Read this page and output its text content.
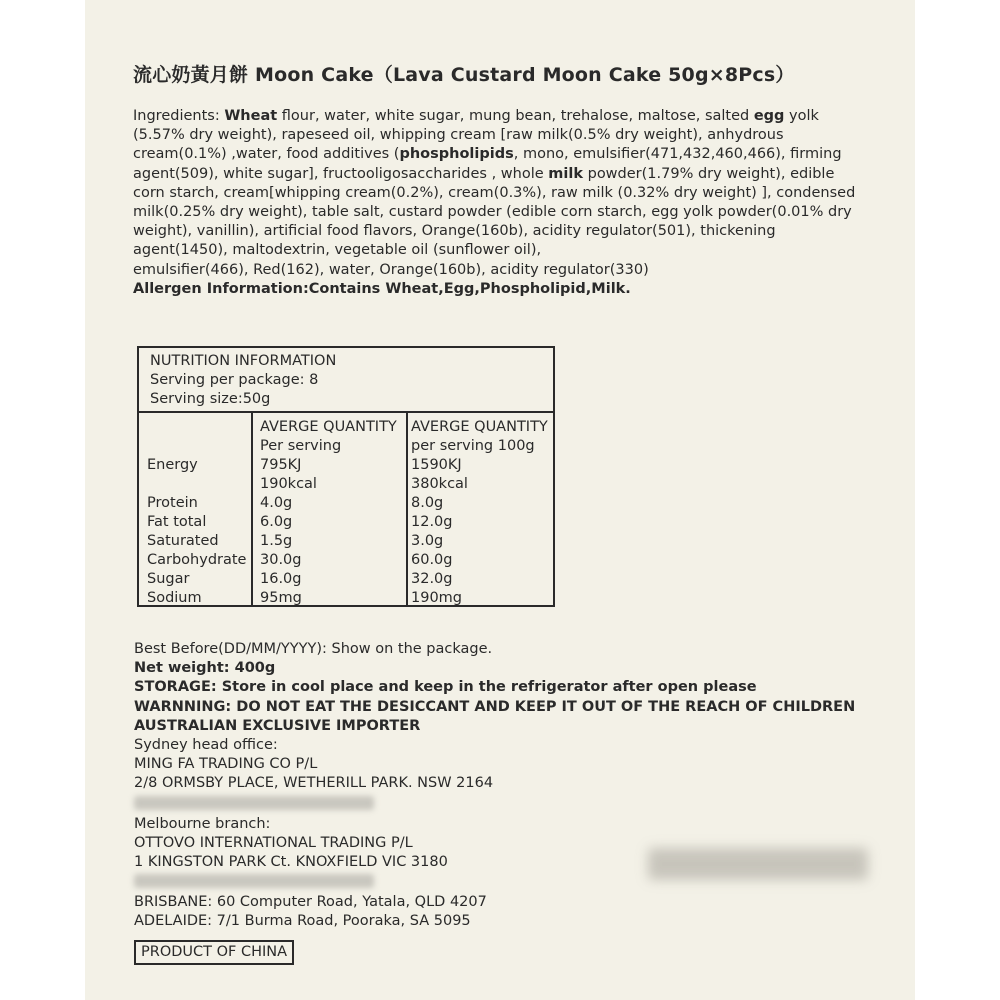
流心奶黃月餅 Moon Cake（Lava Custard Moon Cake 50g×8Pcs）
Ingredients: Wheat flour, water, white sugar, mung bean, trehalose, maltose, salted egg yolk
(5.57% dry weight), rapeseed oil, whipping cream [raw milk(0.5% dry weight), anhydrous
cream(0.1%) ,water, food additives (phospholipids, mono, emulsifier(471,432,460,466), firming
agent(509), white sugar], fructooligosaccharides , whole milk powder(1.79% dry weight), edible
corn starch, cream[whipping cream(0.2%), cream(0.3%), raw milk (0.32% dry weight) ], condensed
milk(0.25% dry weight), table salt, custard powder (edible corn starch, egg yolk powder(0.01% dry
weight), vanillin), artificial food flavors, Orange(160b), acidity regulator(501), thickening
agent(1450), maltodextrin, vegetable oil (sunflower oil),
emulsifier(466), Red(162), water, Orange(160b), acidity regulator(330)
Allergen Information:Contains Wheat,Egg,Phospholipid,Milk.
NUTRITION INFORMATION
Serving per package: 8
Serving size:50g
Energy
Protein
Fat total
Saturated
Carbohydrate
Sugar
Sodium
AVERGE QUANTITY
Per serving
795KJ
190kcal
4.0g
6.0g
1.5g
30.0g
16.0g
95mg
AVERGE QUANTITY
per serving 100g
1590KJ
380kcal
8.0g
12.0g
3.0g
60.0g
32.0g
190mg
Best Before(DD/MM/YYYY): Show on the package.
Net weight: 400g
STORAGE: Store in cool place and keep in the refrigerator after open please
WARNNING: DO NOT EAT THE DESICCANT AND KEEP IT OUT OF THE REACH OF CHILDREN
AUSTRALIAN EXCLUSIVE IMPORTER
Sydney head office:
MING FA TRADING CO P/L
2/8 ORMSBY PLACE, WETHERILL PARK. NSW 2164
Melbourne branch:
OTTOVO INTERNATIONAL TRADING P/L
1 KINGSTON PARK Ct. KNOXFIELD VIC 3180
BRISBANE: 60 Computer Road, Yatala, QLD 4207
ADELAIDE: 7/1 Burma Road, Pooraka, SA 5095
PRODUCT OF CHINA
